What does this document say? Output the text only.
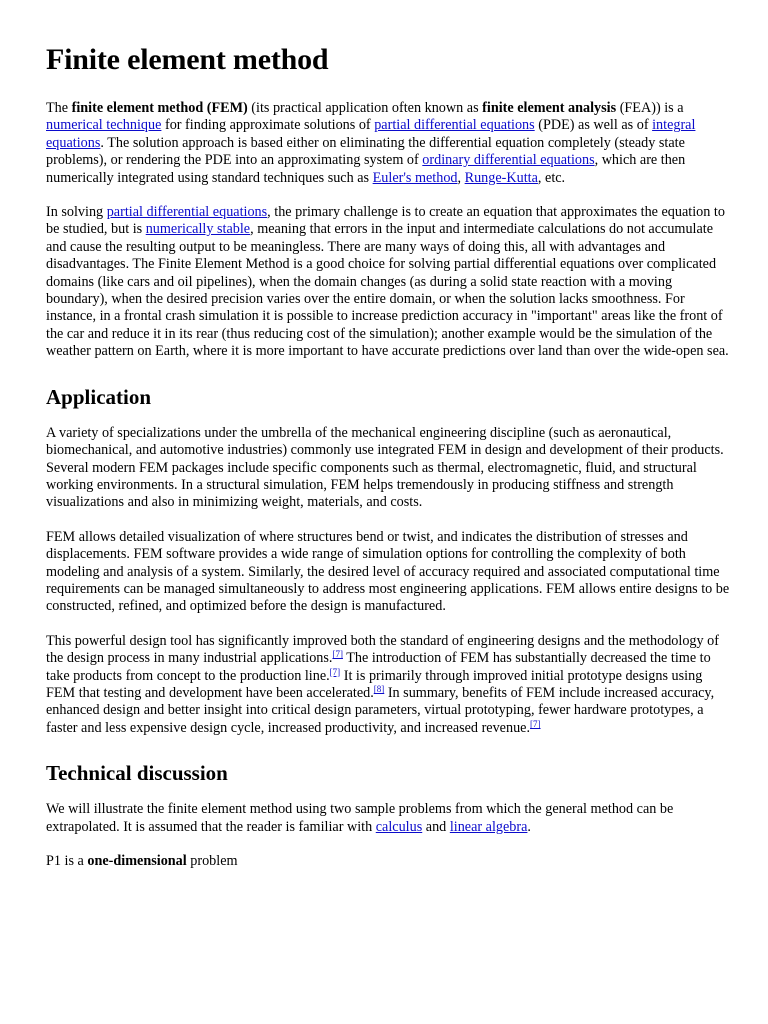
Finite element method

The finite element method (FEM) (its practical application often known as finite element analysis (FEA)) is a numerical technique for finding approximate solutions of partial differential equations (PDE) as well as of integral equations. The solution approach is based either on eliminating the differential equation completely (steady state problems), or rendering the PDE into an approximating system of ordinary differential equations, which are then numerically integrated using standard techniques such as Euler's method, Runge-Kutta, etc.

In solving partial differential equations, the primary challenge is to create an equation that approximates the equation to be studied, but is numerically stable, meaning that errors in the input and intermediate calculations do not accumulate and cause the resulting output to be meaningless. There are many ways of doing this, all with advantages and disadvantages. The Finite Element Method is a good choice for solving partial differential equations over complicated domains (like cars and oil pipelines), when the domain changes (as during a solid state reaction with a moving boundary), when the desired precision varies over the entire domain, or when the solution lacks smoothness. For instance, in a frontal crash simulation it is possible to increase prediction accuracy in "important" areas like the front of the car and reduce it in its rear (thus reducing cost of the simulation); another example would be the simulation of the weather pattern on Earth, where it is more important to have accurate predictions over land than over the wide-open sea.

Application

A variety of specializations under the umbrella of the mechanical engineering discipline (such as aeronautical, biomechanical, and automotive industries) commonly use integrated FEM in design and development of their products. Several modern FEM packages include specific components such as thermal, electromagnetic, fluid, and structural working environments. In a structural simulation, FEM helps tremendously in producing stiffness and strength visualizations and also in minimizing weight, materials, and costs.

FEM allows detailed visualization of where structures bend or twist, and indicates the distribution of stresses and displacements. FEM software provides a wide range of simulation options for controlling the complexity of both modeling and analysis of a system. Similarly, the desired level of accuracy required and associated computational time requirements can be managed simultaneously to address most engineering applications. FEM allows entire designs to be constructed, refined, and optimized before the design is manufactured.

This powerful design tool has significantly improved both the standard of engineering designs and the methodology of the design process in many industrial applications.[7] The introduction of FEM has substantially decreased the time to take products from concept to the production line.[7] It is primarily through improved initial prototype designs using FEM that testing and development have been accelerated.[8] In summary, benefits of FEM include increased accuracy, enhanced design and better insight into critical design parameters, virtual prototyping, fewer hardware prototypes, a faster and less expensive design cycle, increased productivity, and increased revenue.[7]

Technical discussion

We will illustrate the finite element method using two sample problems from which the general method can be extrapolated. It is assumed that the reader is familiar with calculus and linear algebra.

P1 is a one-dimensional problem
